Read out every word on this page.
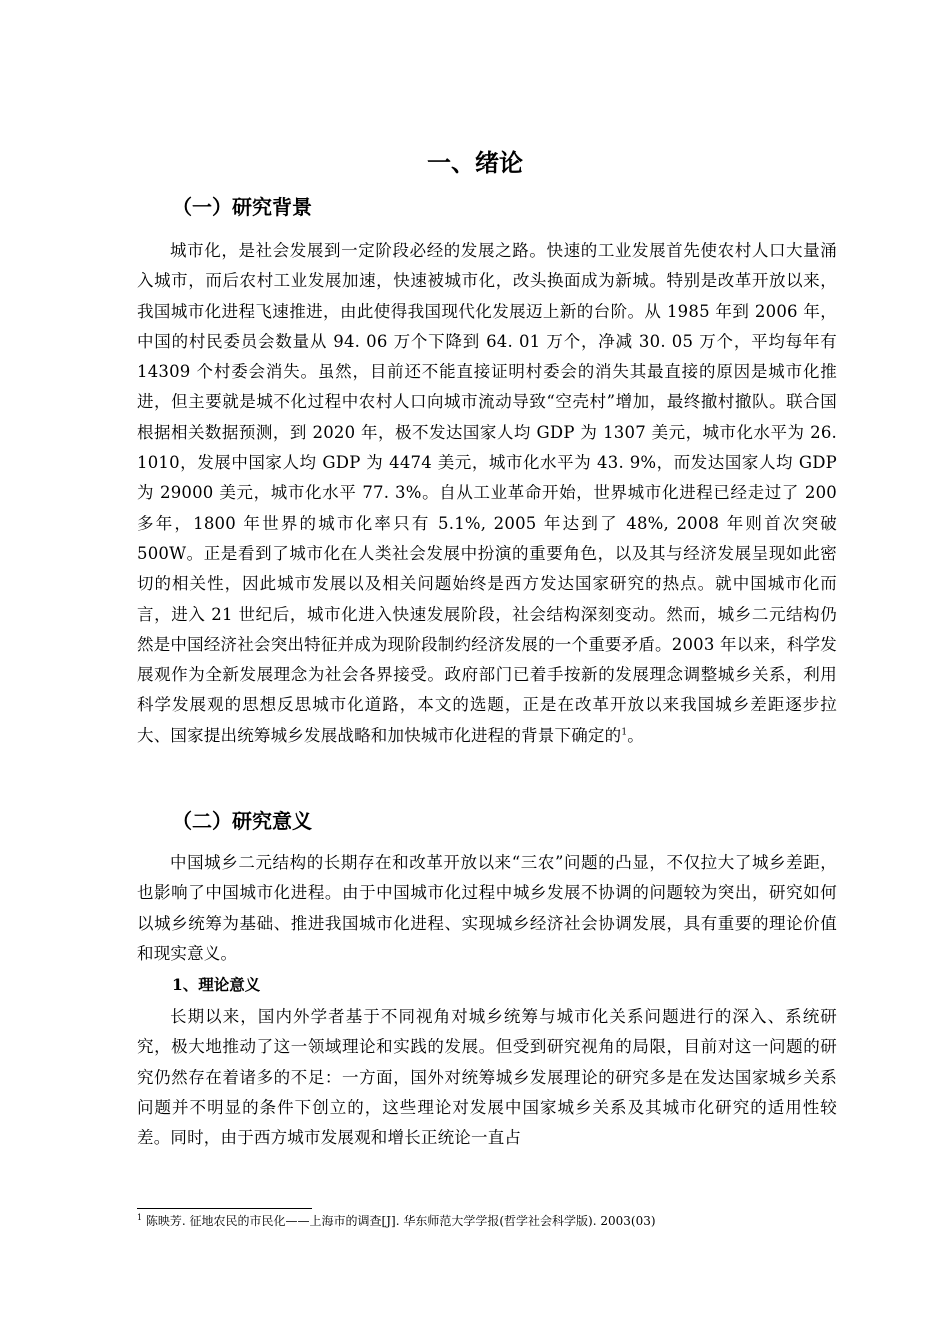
一、绪论
（一）研究背景

城市化，是社会发展到一定阶段必经的发展之路。快速的工业发展首先使农村人口大量涌入城市，而后农村工业发展加速，快速被城市化，改头换面成为新城。特别是改革开放以来，我国城市化进程飞速推进，由此使得我国现代化发展迈上新的台阶。从 1985 年到 2006 年，中国的村民委员会数量从 94. 06 万个下降到 64. 01 万个，净减 30. 05 万个，平均每年有 14309 个村委会消失。虽然，目前还不能直接证明村委会的消失其最直接的原因是城市化推进，但主要就是城不化过程中农村人口向城市流动导致“空壳村”增加，最终撤村撤队。联合国根据相关数据预测，到 2020 年，极不发达国家人均 GDP 为 1307 美元，城市化水平为 26. 1010，发展中国家人均 GDP 为 4474 美元，城市化水平为 43. 9%，而发达国家人均 GDP 为 29000 美元，城市化水平 77. 3%。自从工业革命开始，世界城市化进程已经走过了 200 多年，1800 年世界的城市化率只有 5.1%, 2005 年达到了 48%, 2008 年则首次突破 500W。正是看到了城市化在人类社会发展中扮演的重要角色，以及其与经济发展呈现如此密切的相关性，因此城市发展以及相关问题始终是西方发达国家研究的热点。就中国城市化而言，进入 21 世纪后，城市化进入快速发展阶段，社会结构深刻变动。然而，城乡二元结构仍然是中国经济社会突出特征并成为现阶段制约经济发展的一个重要矛盾。2003 年以来，科学发展观作为全新发展理念为社会各界接受。政府部门已着手按新的发展理念调整城乡关系，利用科学发展观的思想反思城市化道路，本文的选题，正是在改革开放以来我国城乡差距逐步拉大、国家提出统筹城乡发展战略和加快城市化进程的背景下确定的$^1$。

（二）研究意义

中国城乡二元结构的长期存在和改革开放以来“三农”问题的凸显，不仅拉大了城乡差距，也影响了中国城市化进程。由于中国城市化过程中城乡发展不协调的问题较为突出，研究如何以城乡统筹为基础、推进我国城市化进程、实现城乡经济社会协调发展，具有重要的理论价值和现实意义。

1、理论意义

长期以来，国内外学者基于不同视角对城乡统筹与城市化关系问题进行的深入、系统研究，极大地推动了这一领域理论和实践的发展。但受到研究视角的局限，目前对这一问题的研究仍然存在着诸多的不足：一方面，国外对统筹城乡发展理论的研究多是在发达国家城乡关系问题并不明显的条件下创立的，这些理论对发展中国家城乡关系及其城市化研究的适用性较差。同时，由于西方城市发展观和增长正统论一直占

$^1$ 陈映芳. 征地农民的市民化——上海市的调查[J]. 华东师范大学学报(哲学社会科学版). 2003(03)
